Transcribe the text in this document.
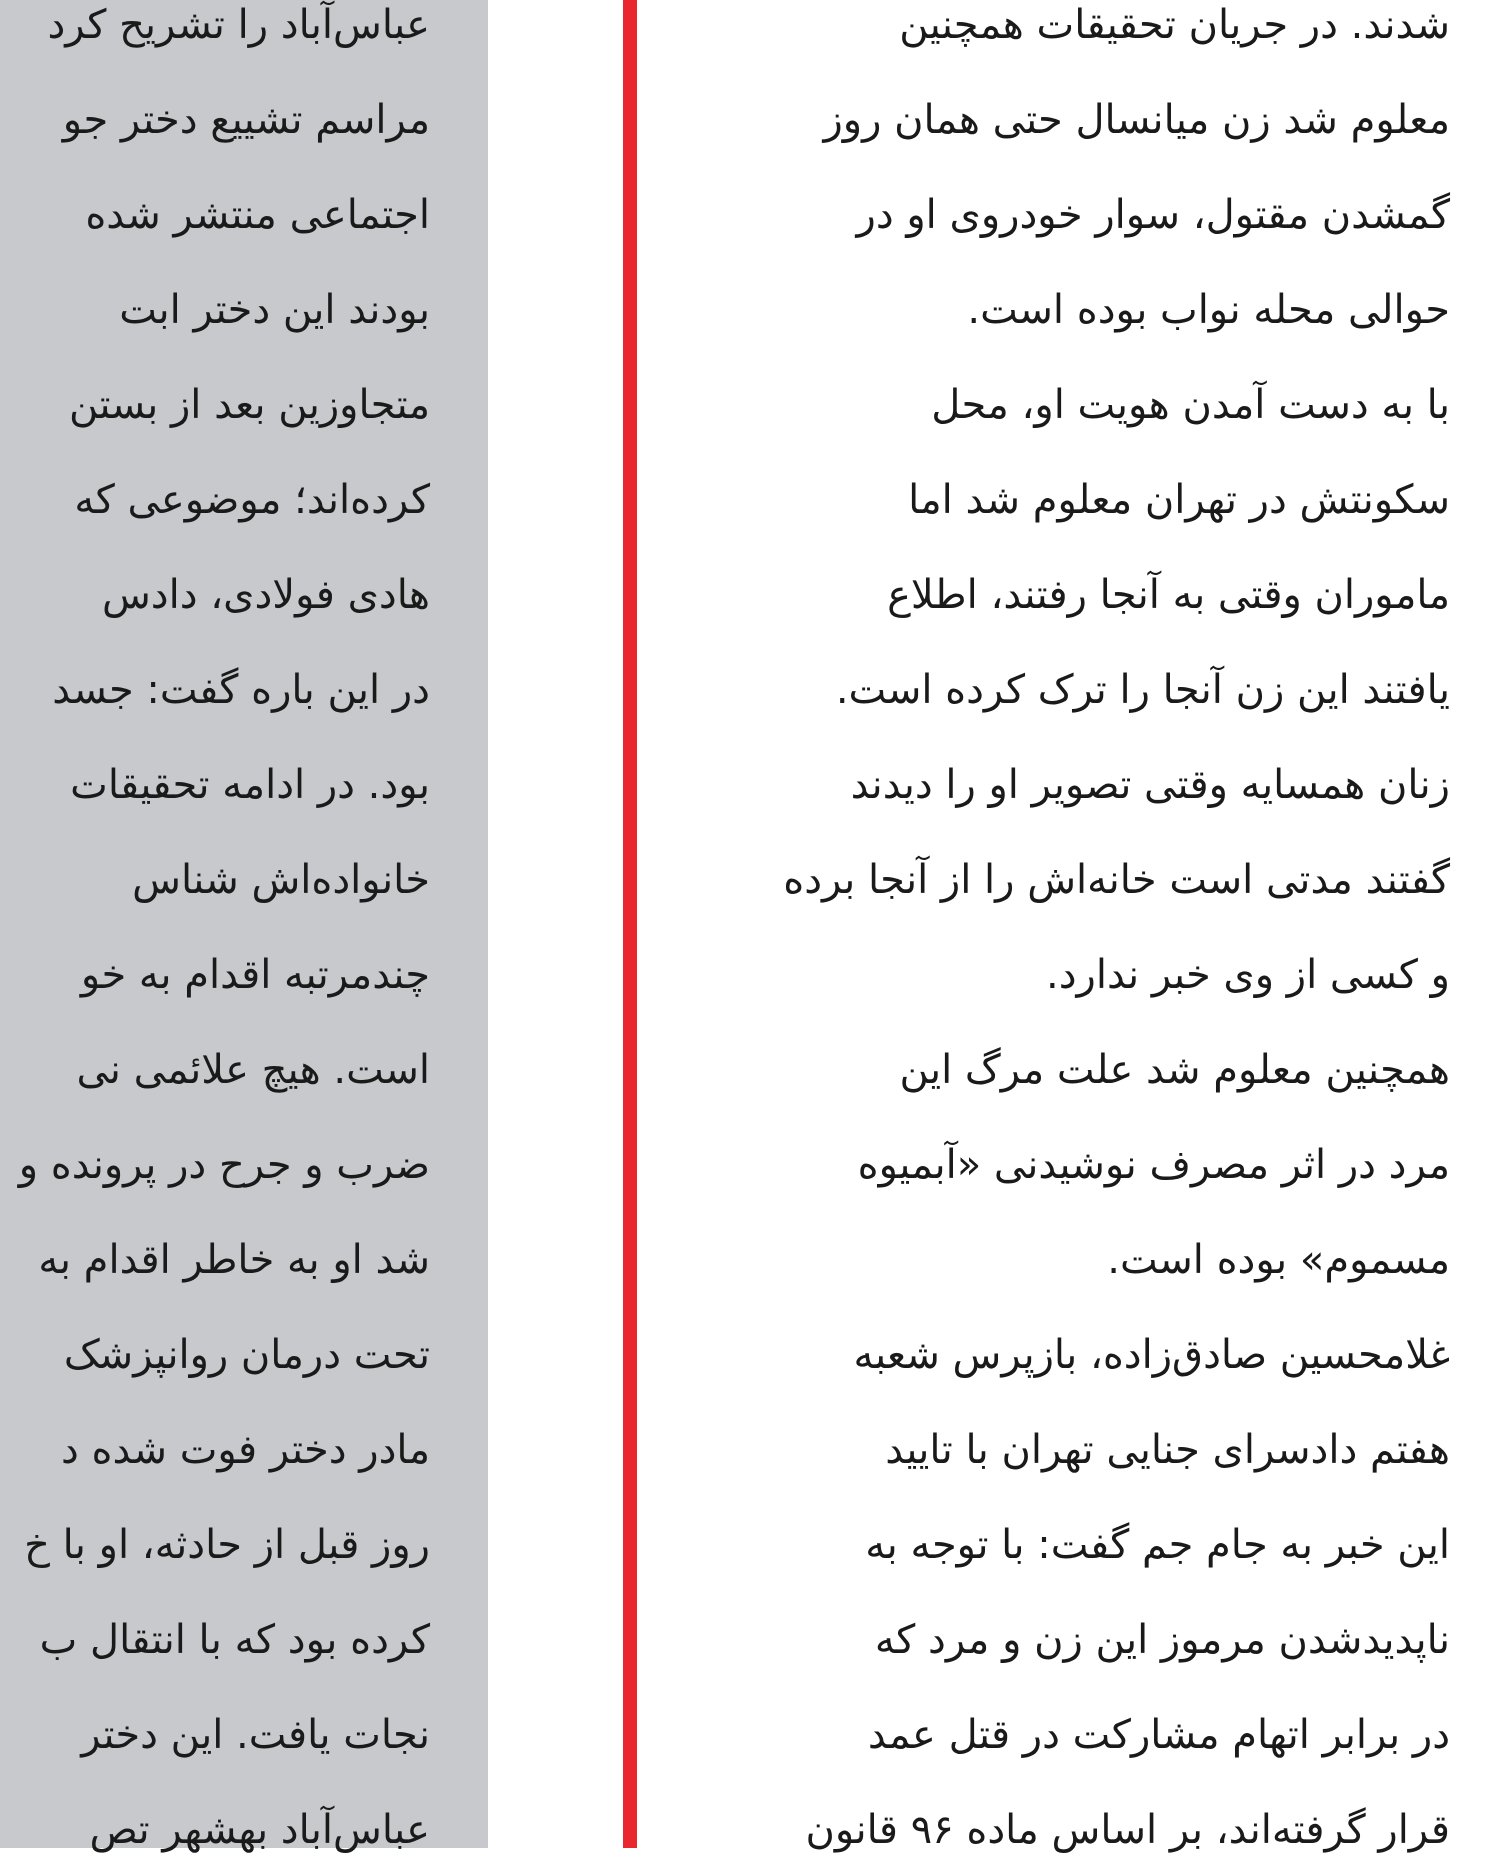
عباس‌آباد را تشریح کرد
مراسم تشییع دختر جو
اجتماعی منتشر شده
بودند این دختر ابت
متجاوزین بعد از بستن
کرده‌اند؛ موضوعی که
هادی فولادی، دادس
در این باره گفت: جسد
بود. در ادامه تحقیقات
خانواده‌اش شناس
چندمرتبه اقدام به خو
است. هیچ علائمی نی
ضرب و جرح در پرونده و
شد او به خاطر اقدام به
تحت درمان روانپزشک
مادر دختر فوت شده د
روز قبل از حادثه، او با خ
کرده بود که با انتقال ب
نجات یافت. این دختر
عباس‌آباد بهشهر تص
شدند. در جریان تحقیقات همچنین
معلوم شد زن میانسال حتی همان روز
گمشدن مقتول، سوار خودروی او در
حوالی محله نواب بوده است.
با به دست آمدن هویت او، محل
سکونتش در تهران معلوم شد اما
ماموران وقتی به آنجا رفتند، اطلاع
یافتند این زن آنجا را ترک کرده است.
زنان همسایه وقتی تصویر او را دیدند
گفتند مدتی است خانه‌اش را از آنجا برده
و کسی از وی خبر ندارد.
همچنین معلوم شد علت مرگ این
مرد در اثر مصرف نوشیدنی «آبمیوه
مسموم» بوده است.
غلامحسین صادق‌زاده، بازپرس شعبه
هفتم دادسرای جنایی تهران با تایید
این خبر به جام جم گفت: با توجه به
ناپدیدشدن مرموز این زن و مرد که
در برابر اتهام مشارکت در قتل عمد
قرار گرفته‌اند، بر اساس ماده ۹۶ قانون
